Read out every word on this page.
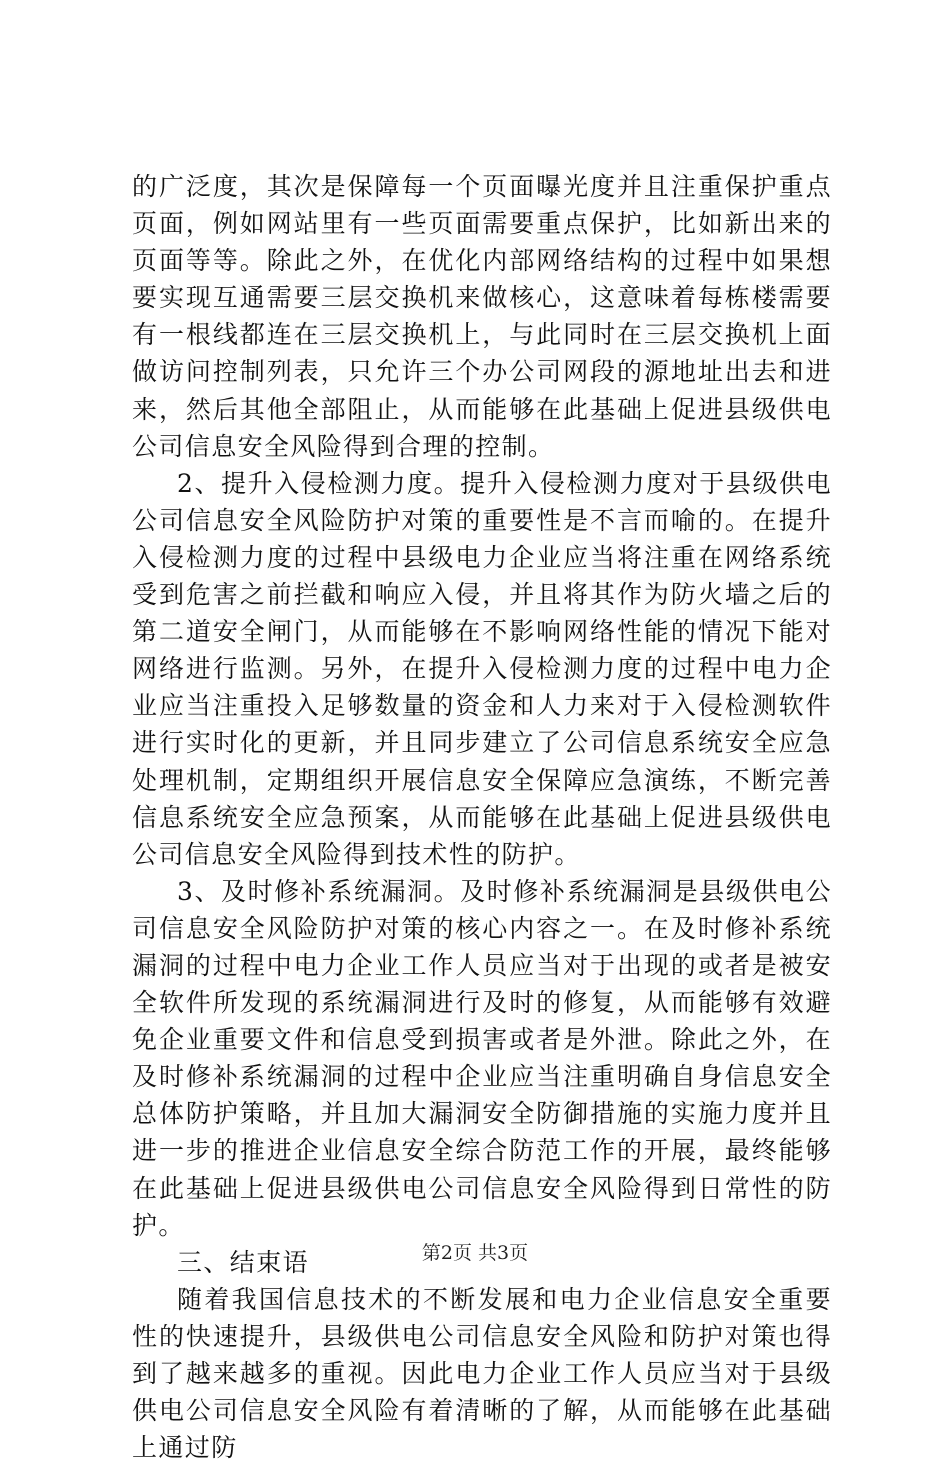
的广泛度，其次是保障每一个页面曝光度并且注重保护重点页面，例如网站里有一些页面需要重点保护，比如新出来的页面等等。除此之外，在优化内部网络结构的过程中如果想要实现互通需要三层交换机来做核心，这意味着每栋楼需要有一根线都连在三层交换机上，与此同时在三层交换机上面做访问控制列表，只允许三个办公司网段的源地址出去和进来，然后其他全部阻止，从而能够在此基础上促进县级供电公司信息安全风险得到合理的控制。

2、提升入侵检测力度。提升入侵检测力度对于县级供电公司信息安全风险防护对策的重要性是不言而喻的。在提升入侵检测力度的过程中县级电力企业应当将注重在网络系统受到危害之前拦截和响应入侵，并且将其作为防火墙之后的第二道安全闸门，从而能够在不影响网络性能的情况下能对网络进行监测。另外，在提升入侵检测力度的过程中电力企业应当注重投入足够数量的资金和人力来对于入侵检测软件进行实时化的更新，并且同步建立了公司信息系统安全应急处理机制，定期组织开展信息安全保障应急演练，不断完善信息系统安全应急预案，从而能够在此基础上促进县级供电公司信息安全风险得到技术性的防护。

3、及时修补系统漏洞。及时修补系统漏洞是县级供电公司信息安全风险防护对策的核心内容之一。在及时修补系统漏洞的过程中电力企业工作人员应当对于出现的或者是被安全软件所发现的系统漏洞进行及时的修复，从而能够有效避免企业重要文件和信息受到损害或者是外泄。除此之外，在及时修补系统漏洞的过程中企业应当注重明确自身信息安全总体防护策略，并且加大漏洞安全防御措施的实施力度并且进一步的推进企业信息安全综合防范工作的开展，最终能够在此基础上促进县级供电公司信息安全风险得到日常性的防护。

三、结束语

随着我国信息技术的不断发展和电力企业信息安全重要性的快速提升，县级供电公司信息安全风险和防护对策也得到了越来越多的重视。因此电力企业工作人员应当对于县级供电公司信息安全风险有着清晰的了解，从而能够在此基础上通过防

第2页 共3页
